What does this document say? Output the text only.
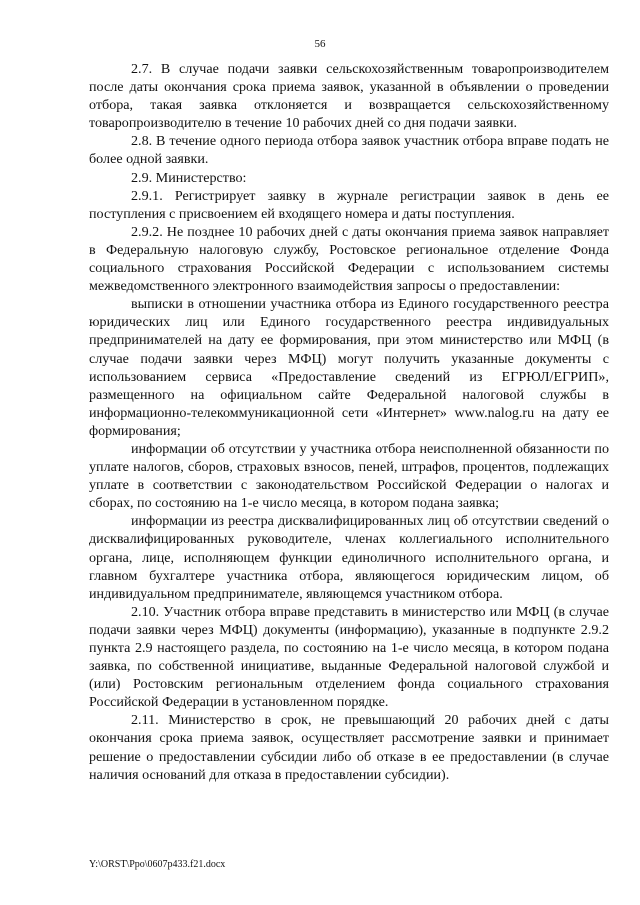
56

2.7. В случае подачи заявки сельскохозяйственным товаропроизводителем после даты окончания срока приема заявок, указанной в объявлении о проведении отбора, такая заявка отклоняется и возвращается сельскохозяйственному товаропроизводителю в течение 10 рабочих дней со дня подачи заявки.

2.8. В течение одного периода отбора заявок участник отбора вправе подать не более одной заявки.

2.9. Министерство:

2.9.1. Регистрирует заявку в журнале регистрации заявок в день ее поступления с присвоением ей входящего номера и даты поступления.

2.9.2. Не позднее 10 рабочих дней с даты окончания приема заявок направляет в Федеральную налоговую службу, Ростовское региональное отделение Фонда социального страхования Российской Федерации с использованием системы межведомственного электронного взаимодействия запросы о предоставлении:

выписки в отношении участника отбора из Единого государственного реестра юридических лиц или Единого государственного реестра индивидуальных предпринимателей на дату ее формирования, при этом министерство или МФЦ (в случае подачи заявки через МФЦ) могут получить указанные документы с использованием сервиса «Предоставление сведений из ЕГРЮЛ/ЕГРИП», размещенного на официальном сайте Федеральной налоговой службы в информационно-телекоммуникационной сети «Интернет» www.nalog.ru на дату ее формирования;

информации об отсутствии у участника отбора неисполненной обязанности по уплате налогов, сборов, страховых взносов, пеней, штрафов, процентов, подлежащих уплате в соответствии с законодательством Российской Федерации о налогах и сборах, по состоянию на 1-е число месяца, в котором подана заявка;

информации из реестра дисквалифицированных лиц об отсутствии сведений о дисквалифицированных руководителе, членах коллегиального исполнительного органа, лице, исполняющем функции единоличного исполнительного органа, и главном бухгалтере участника отбора, являющегося юридическим лицом, об индивидуальном предпринимателе, являющемся участником отбора.

2.10. Участник отбора вправе представить в министерство или МФЦ (в случае подачи заявки через МФЦ) документы (информацию), указанные в подпункте 2.9.2 пункта 2.9 настоящего раздела, по состоянию на 1-е число месяца, в котором подана заявка, по собственной инициативе, выданные Федеральной налоговой службой и (или) Ростовским региональным отделением фонда социального страхования Российской Федерации в установленном порядке.

2.11. Министерство в срок, не превышающий 20 рабочих дней с даты окончания срока приема заявок, осуществляет рассмотрение заявки и принимает решение о предоставлении субсидии либо об отказе в ее предоставлении (в случае наличия оснований для отказа в предоставлении субсидии).

Y:\ORST\Ppo\0607p433.f21.docx
